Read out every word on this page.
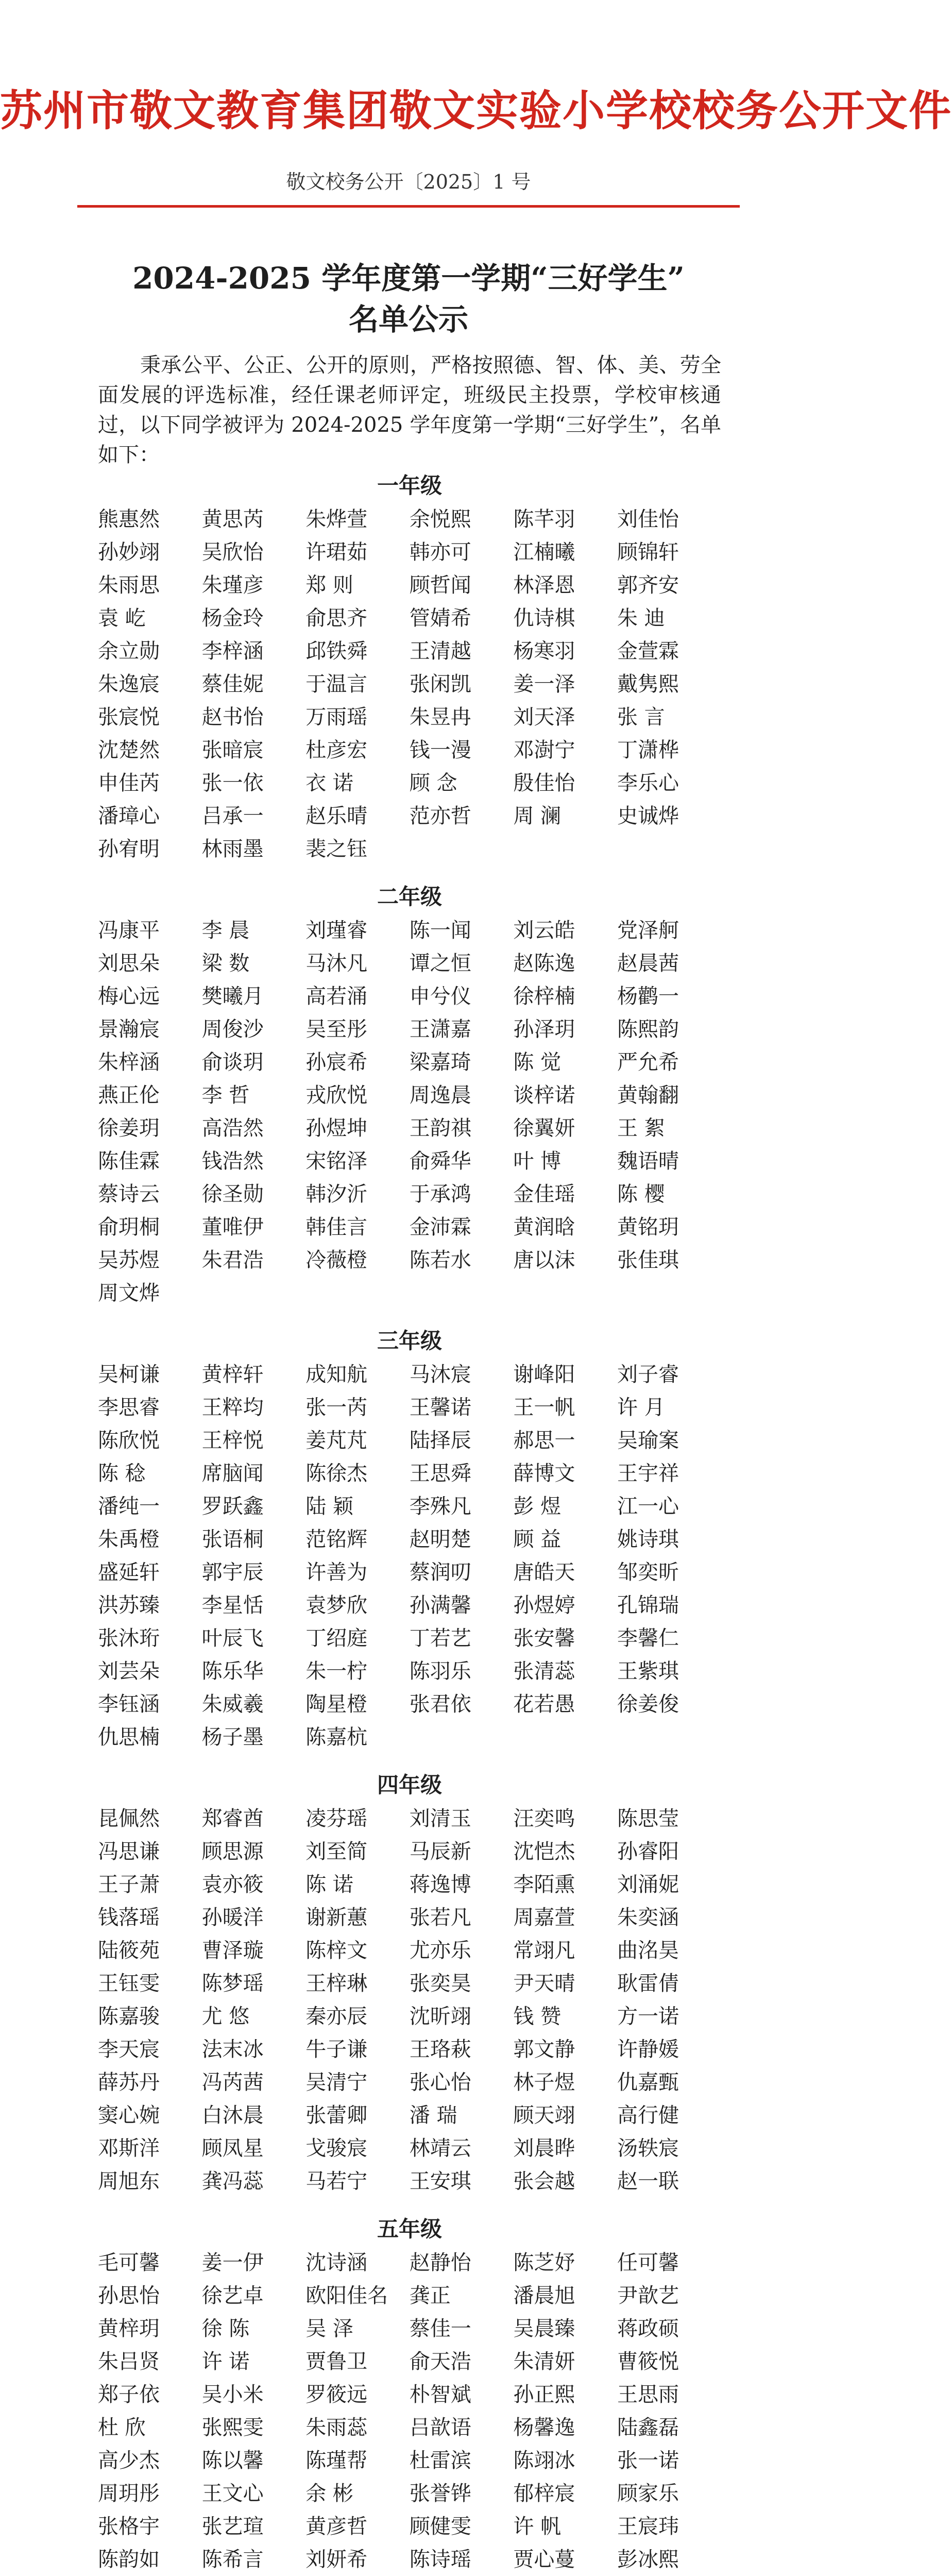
苏州市敬文教育集团敬文实验小学校校务公开文件
敬文校务公开〔2025〕1 号
2024-2025 学年度第一学期“三好学生”
名单公示
秉承公平、公正、公开的原则，严格按照德、智、体、美、劳全面发展的评选标准，经任课老师评定，班级民主投票，学校审核通过，以下同学被评为 2024-2025 学年度第一学期“三好学生”，名单如下：
一年级
熊惠然	黄思芮	朱烨萱	余悦熙	陈芊羽	刘佳怡
孙妙翊	吴欣怡	许珺茹	韩亦可	江楠曦	顾锦轩
朱雨思	朱瑾彦	郑 则	顾哲闻	林泽恩	郭齐安
袁 屹	杨金玲	俞思齐	管婧希	仇诗棋	朱 迪
余立勋	李梓涵	邱铁舜	王清越	杨寒羽	金萱霖
朱逸宸	蔡佳妮	于温言	张闲凯	姜一泽	戴隽熙
张宸悦	赵书怡	万雨瑶	朱昱冉	刘天泽	张 言
沈楚然	张暗宸	杜彦宏	钱一漫	邓澍宁	丁潇桦
申佳芮	张一依	衣 诺	顾 念	殷佳怡	李乐心
潘璋心	吕承一	赵乐晴	范亦哲	周 澜	史诚烨
孙宥明	林雨墨	裴之钰
二年级
冯康平	李 晨	刘瑾睿	陈一闻	刘云皓	党泽舸
刘思朵	梁 数	马沐凡	谭之恒	赵陈逸	赵晨茜
梅心远	樊曦月	高若涌	申兮仪	徐梓楠	杨鹳一
景瀚宸	周俊沙	吴至彤	王潇嘉	孙泽玥	陈熙韵
朱梓涵	俞谈玥	孙宸希	梁嘉琦	陈 觉	严允希
燕正伦	李 哲	戎欣悦	周逸晨	谈梓诺	黄翰翻
徐姜玥	高浩然	孙煜坤	王韵祺	徐翼妍	王 絮
陈佳霖	钱浩然	宋铭泽	俞舜华	叶 博	魏语晴
蔡诗云	徐圣勋	韩汐沂	于承鸿	金佳瑶	陈 樱
俞玥桐	董唯伊	韩佳言	金沛霖	黄润晗	黄铭玥
吴苏煜	朱君浩	冷薇橙	陈若水	唐以沫	张佳琪
周文烨
三年级
吴柯谦	黄梓轩	成知航	马沐宸	谢峰阳	刘子睿
李思睿	王粹均	张一芮	王馨诺	王一帆	许 月
陈欣悦	王梓悦	姜芃芃	陆择辰	郝思一	吴瑜案
陈 稔	席脑闻	陈徐杰	王思舜	薛博文	王宇祥
潘纯一	罗跃鑫	陆 颖	李殊凡	彭 煜	江一心
朱禹橙	张语桐	范铭辉	赵明楚	顾 益	姚诗琪
盛延轩	郭宇辰	许善为	蔡润叨	唐皓天	邹奕昕
洪苏臻	李星恬	袁梦欣	孙满馨	孙煜婷	孔锦瑞
张沐珩	叶辰飞	丁绍庭	丁若艺	张安馨	李馨仁
刘芸朵	陈乐华	朱一柠	陈羽乐	张清蕊	王紫琪
李钰涵	朱威羲	陶星橙	张君依	花若愚	徐姜俊
仇思楠	杨子墨	陈嘉杭
四年级
昆佩然	郑睿酋	凌芬瑶	刘清玉	汪奕鸣	陈思莹
冯思谦	顾思源	刘至简	马辰新	沈恺杰	孙睿阳
王子萧	袁亦筱	陈 诺	蒋逸博	李陌熏	刘涌妮
钱落瑶	孙暖洋	谢新蕙	张若凡	周嘉萱	朱奕涵
陆筱苑	曹泽璇	陈梓文	尤亦乐	常翊凡	曲洺昊
王钰雯	陈梦瑶	王梓琳	张奕昊	尹天晴	耿雷倩
陈嘉骏	尤 悠	秦亦辰	沈昕翊	钱 赞	方一诺
李天宸	法末冰	牛子谦	王珞萩	郭文静	许静媛
薛苏丹	冯芮茜	吴清宁	张心怡	林子煜	仇嘉甄
窦心婉	白沐晨	张蕾卿	潘 瑞	顾天翊	高行健
邓斯洋	顾凤星	戈骏宸	林靖云	刘晨晔	汤轶宸
周旭东	龚冯蕊	马若宁	王安琪	张会越	赵一联
五年级
毛可馨	姜一伊	沈诗涵	赵静怡	陈芝妤	任可馨
孙思怡	徐艺卓	欧阳佳名	龚正	潘晨旭	尹歆艺
黄梓玥	徐 陈	吴 泽	蔡佳一	吴晨臻	蒋政硕
朱吕贤	许 诺	贾鲁卫	俞天浩	朱清妍	曹筱悦
郑子依	吴小米	罗筱远	朴智斌	孙正熙	王思雨
杜 欣	张熙雯	朱雨蕊	吕歆语	杨馨逸	陆鑫磊
高少杰	陈以馨	陈瑾帮	杜雷滨	陈翊冰	张一诺
周玥彤	王文心	余 彬	张誉铧	郁梓宸	顾家乐
张格宇	张艺瑄	黄彦哲	顾健雯	许 帆	王宸玮
陈韵如	陈希言	刘妍希	陈诗瑶	贾心蔓	彭冰熙
